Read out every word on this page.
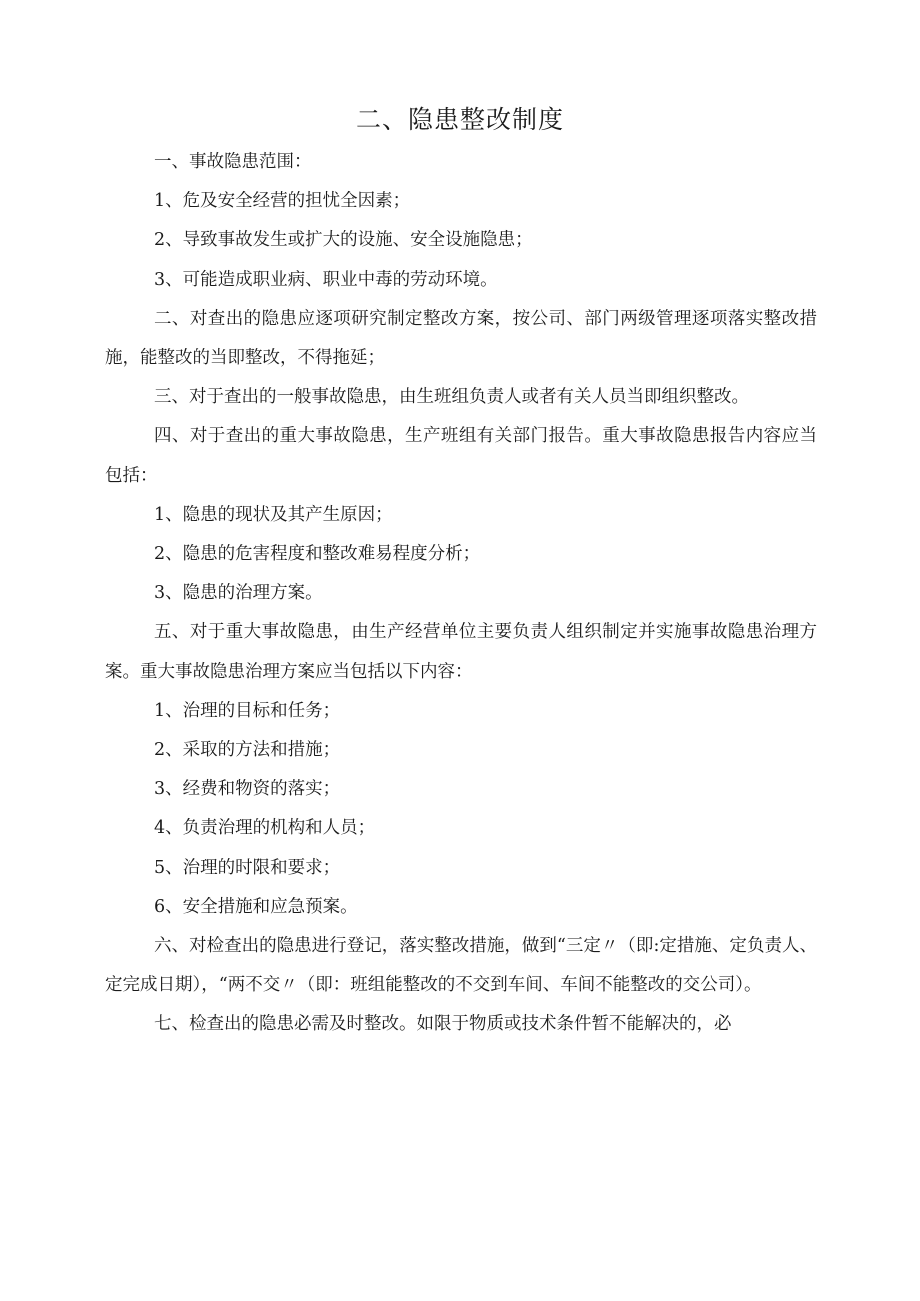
二、隐患整改制度

一、事故隐患范围：

1、危及安全经营的担忧全因素；

2、导致事故发生或扩大的设施、安全设施隐患；

3、可能造成职业病、职业中毒的劳动环境。

二、对查出的隐患应逐项研究制定整改方案，按公司、部门两级管理逐项落实整改措施，能整改的当即整改，不得拖延；

三、对于查出的一般事故隐患，由生班组负责人或者有关人员当即组织整改。

四、对于查出的重大事故隐患，生产班组有关部门报告。重大事故隐患报告内容应当包括：

1、隐患的现状及其产生原因；

2、隐患的危害程度和整改难易程度分析；

3、隐患的治理方案。

五、对于重大事故隐患，由生产经营单位主要负责人组织制定并实施事故隐患治理方案。重大事故隐患治理方案应当包括以下内容：

1、治理的目标和任务；

2、采取的方法和措施；

3、经费和物资的落实；

4、负责治理的机构和人员；

5、治理的时限和要求；

6、安全措施和应急预案。

六、对检查出的隐患进行登记，落实整改措施，做到“三定〃（即:定措施、定负责人、定完成日期），“两不交〃（即：班组能整改的不交到车间、车间不能整改的交公司）。

七、检查出的隐患必需及时整改。如限于物质或技术条件暂不能解决的，必
